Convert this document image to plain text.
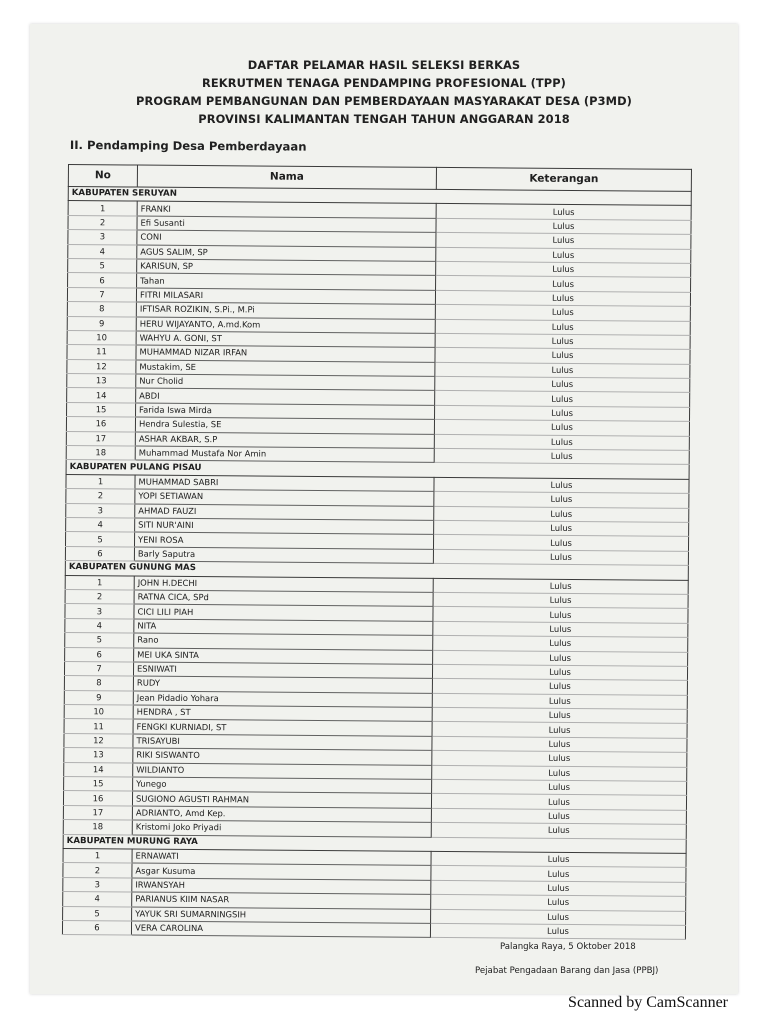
DAFTAR PELAMAR HASIL SELEKSI BERKAS
REKRUTMEN TENAGA PENDAMPING PROFESIONAL (TPP)
PROGRAM PEMBANGUNAN DAN PEMBERDAYAAN MASYARAKAT DESA (P3MD)
PROVINSI KALIMANTAN TENGAH TAHUN ANGGARAN 2018
II. Pendamping Desa Pemberdayaan
No	Nama	Keterangan
KABUPATEN SERUYAN		
1	FRANKI	Lulus
2	Efi Susanti	Lulus
3	CONI	Lulus
4	AGUS SALIM, SP	Lulus
5	KARISUN, SP	Lulus
6	Tahan	Lulus
7	FITRI MILASARI	Lulus
8	IFTISAR ROZIKIN, S.Pi., M.Pi	Lulus
9	HERU WIJAYANTO, A.md.Kom	Lulus
10	WAHYU A. GONI, ST	Lulus
11	MUHAMMAD NIZAR IRFAN	Lulus
12	Mustakim, SE	Lulus
13	Nur Cholid	Lulus
14	ABDI	Lulus
15	Farida Iswa Mirda	Lulus
16	Hendra Sulestia, SE	Lulus
17	ASHAR AKBAR, S.P	Lulus
18	Muhammad Mustafa Nor Amin	Lulus
KABUPATEN PULANG PISAU		
1	MUHAMMAD SABRI	Lulus
2	YOPI SETIAWAN	Lulus
3	AHMAD FAUZI	Lulus
4	SITI NUR'AINI	Lulus
5	YENI ROSA	Lulus
6	Barly Saputra	Lulus
KABUPATEN GUNUNG MAS		
1	JOHN H.DECHI	Lulus
2	RATNA CICA, SPd	Lulus
3	CICI LILI PIAH	Lulus
4	NITA	Lulus
5	Rano	Lulus
6	MEI UKA SINTA	Lulus
7	ESNIWATI	Lulus
8	RUDY	Lulus
9	Jean Pidadio Yohara	Lulus
10	HENDRA , ST	Lulus
11	FENGKI KURNIADI, ST	Lulus
12	TRISAYUBI	Lulus
13	RIKI SISWANTO	Lulus
14	WILDIANTO	Lulus
15	Yunego	Lulus
16	SUGIONO AGUSTI RAHMAN	Lulus
17	ADRIANTO, Amd Kep.	Lulus
18	Kristomi Joko Priyadi	Lulus
KABUPATEN MURUNG RAYA		
1	ERNAWATI	Lulus
2	Asgar Kusuma	Lulus
3	IRWANSYAH	Lulus
4	PARIANUS KIIM NASAR	Lulus
5	YAYUK SRI SUMARNINGSIH	Lulus
6	VERA CAROLINA	Lulus
Palangka Raya, 5 Oktober 2018
Pejabat Pengadaan Barang dan Jasa (PPBJ)
Scanned by CamScanner
